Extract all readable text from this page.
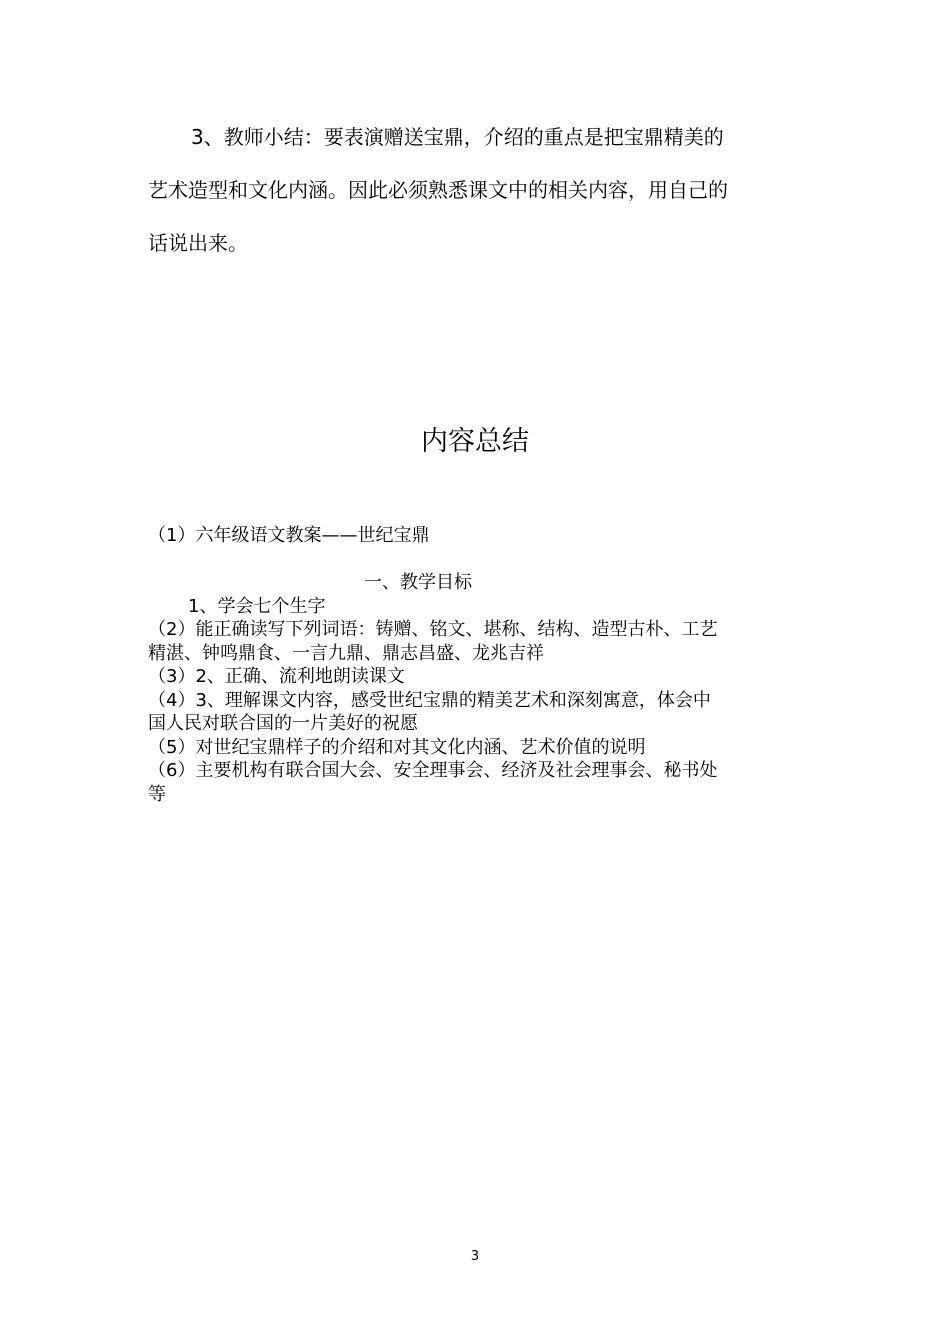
3、教师小结：要表演赠送宝鼎，介绍的重点是把宝鼎精美的
艺术造型和文化内涵。因此必须熟悉课文中的相关内容，用自己的
话说出来。
内容总结
（1）六年级语文教案——世纪宝鼎
一、教学目标
1、学会七个生字
（2）能正确读写下列词语：铸赠、铭文、堪称、结构、造型古朴、工艺
精湛、钟鸣鼎食、一言九鼎、鼎志昌盛、龙兆吉祥
（3）2、正确、流利地朗读课文
（4）3、理解课文内容，感受世纪宝鼎的精美艺术和深刻寓意，体会中
国人民对联合国的一片美好的祝愿
（5）对世纪宝鼎样子的介绍和对其文化内涵、艺术价值的说明
（6）主要机构有联合国大会、安全理事会、经济及社会理事会、秘书处
等
3
